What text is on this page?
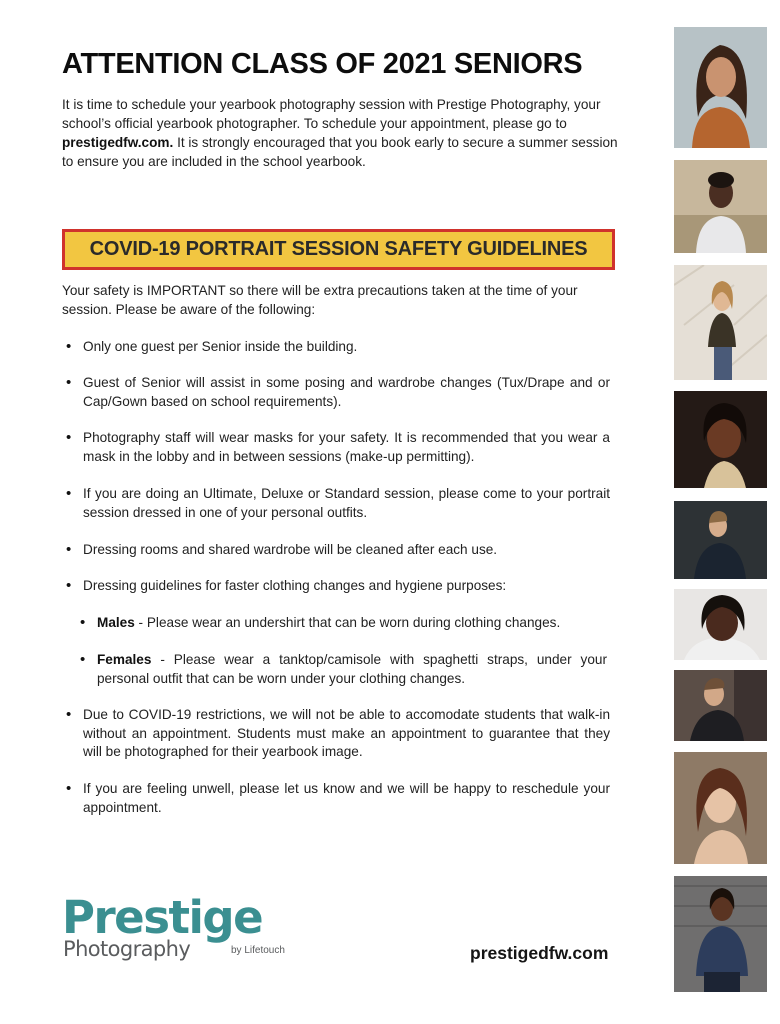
ATTENTION CLASS OF 2021 SENIORS

It is time to schedule your yearbook photography session with Prestige Photography, your school’s official yearbook photographer. To schedule your appointment, please go to prestigedfw.com. It is strongly encouraged that you book early to secure a summer session to ensure you are included in the school yearbook.

COVID-19 PORTRAIT SESSION SAFETY GUIDELINES

Your safety is IMPORTANT so there will be extra precautions taken at the time of your session. Please be aware of the following:

• Only one guest per Senior inside the building.

• Guest of Senior will assist in some posing and wardrobe changes (Tux/Drape and or Cap/Gown based on school requirements).

• Photography staff will wear masks for your safety. It is recommended that you wear a mask in the lobby and in between sessions (make-up permitting).

• If you are doing an Ultimate, Deluxe or Standard session, please come to your portrait session dressed in one of your personal outfits.

• Dressing rooms and shared wardrobe will be cleaned after each use.

• Dressing guidelines for faster clothing changes and hygiene purposes:

• Males - Please wear an undershirt that can be worn during clothing changes.

• Females - Please wear a tanktop/camisole with spaghetti straps, under your personal outfit that can be worn under your clothing changes.

• Due to COVID-19 restrictions, we will not be able to accomodate students that walk-in without an appointment. Students must make an appointment to guarantee that they will be photographed for their yearbook image.

• If you are feeling unwell, please let us know and we will be happy to reschedule your appointment.

Prestige
Photography	by Lifetouch	prestigedfw.com
